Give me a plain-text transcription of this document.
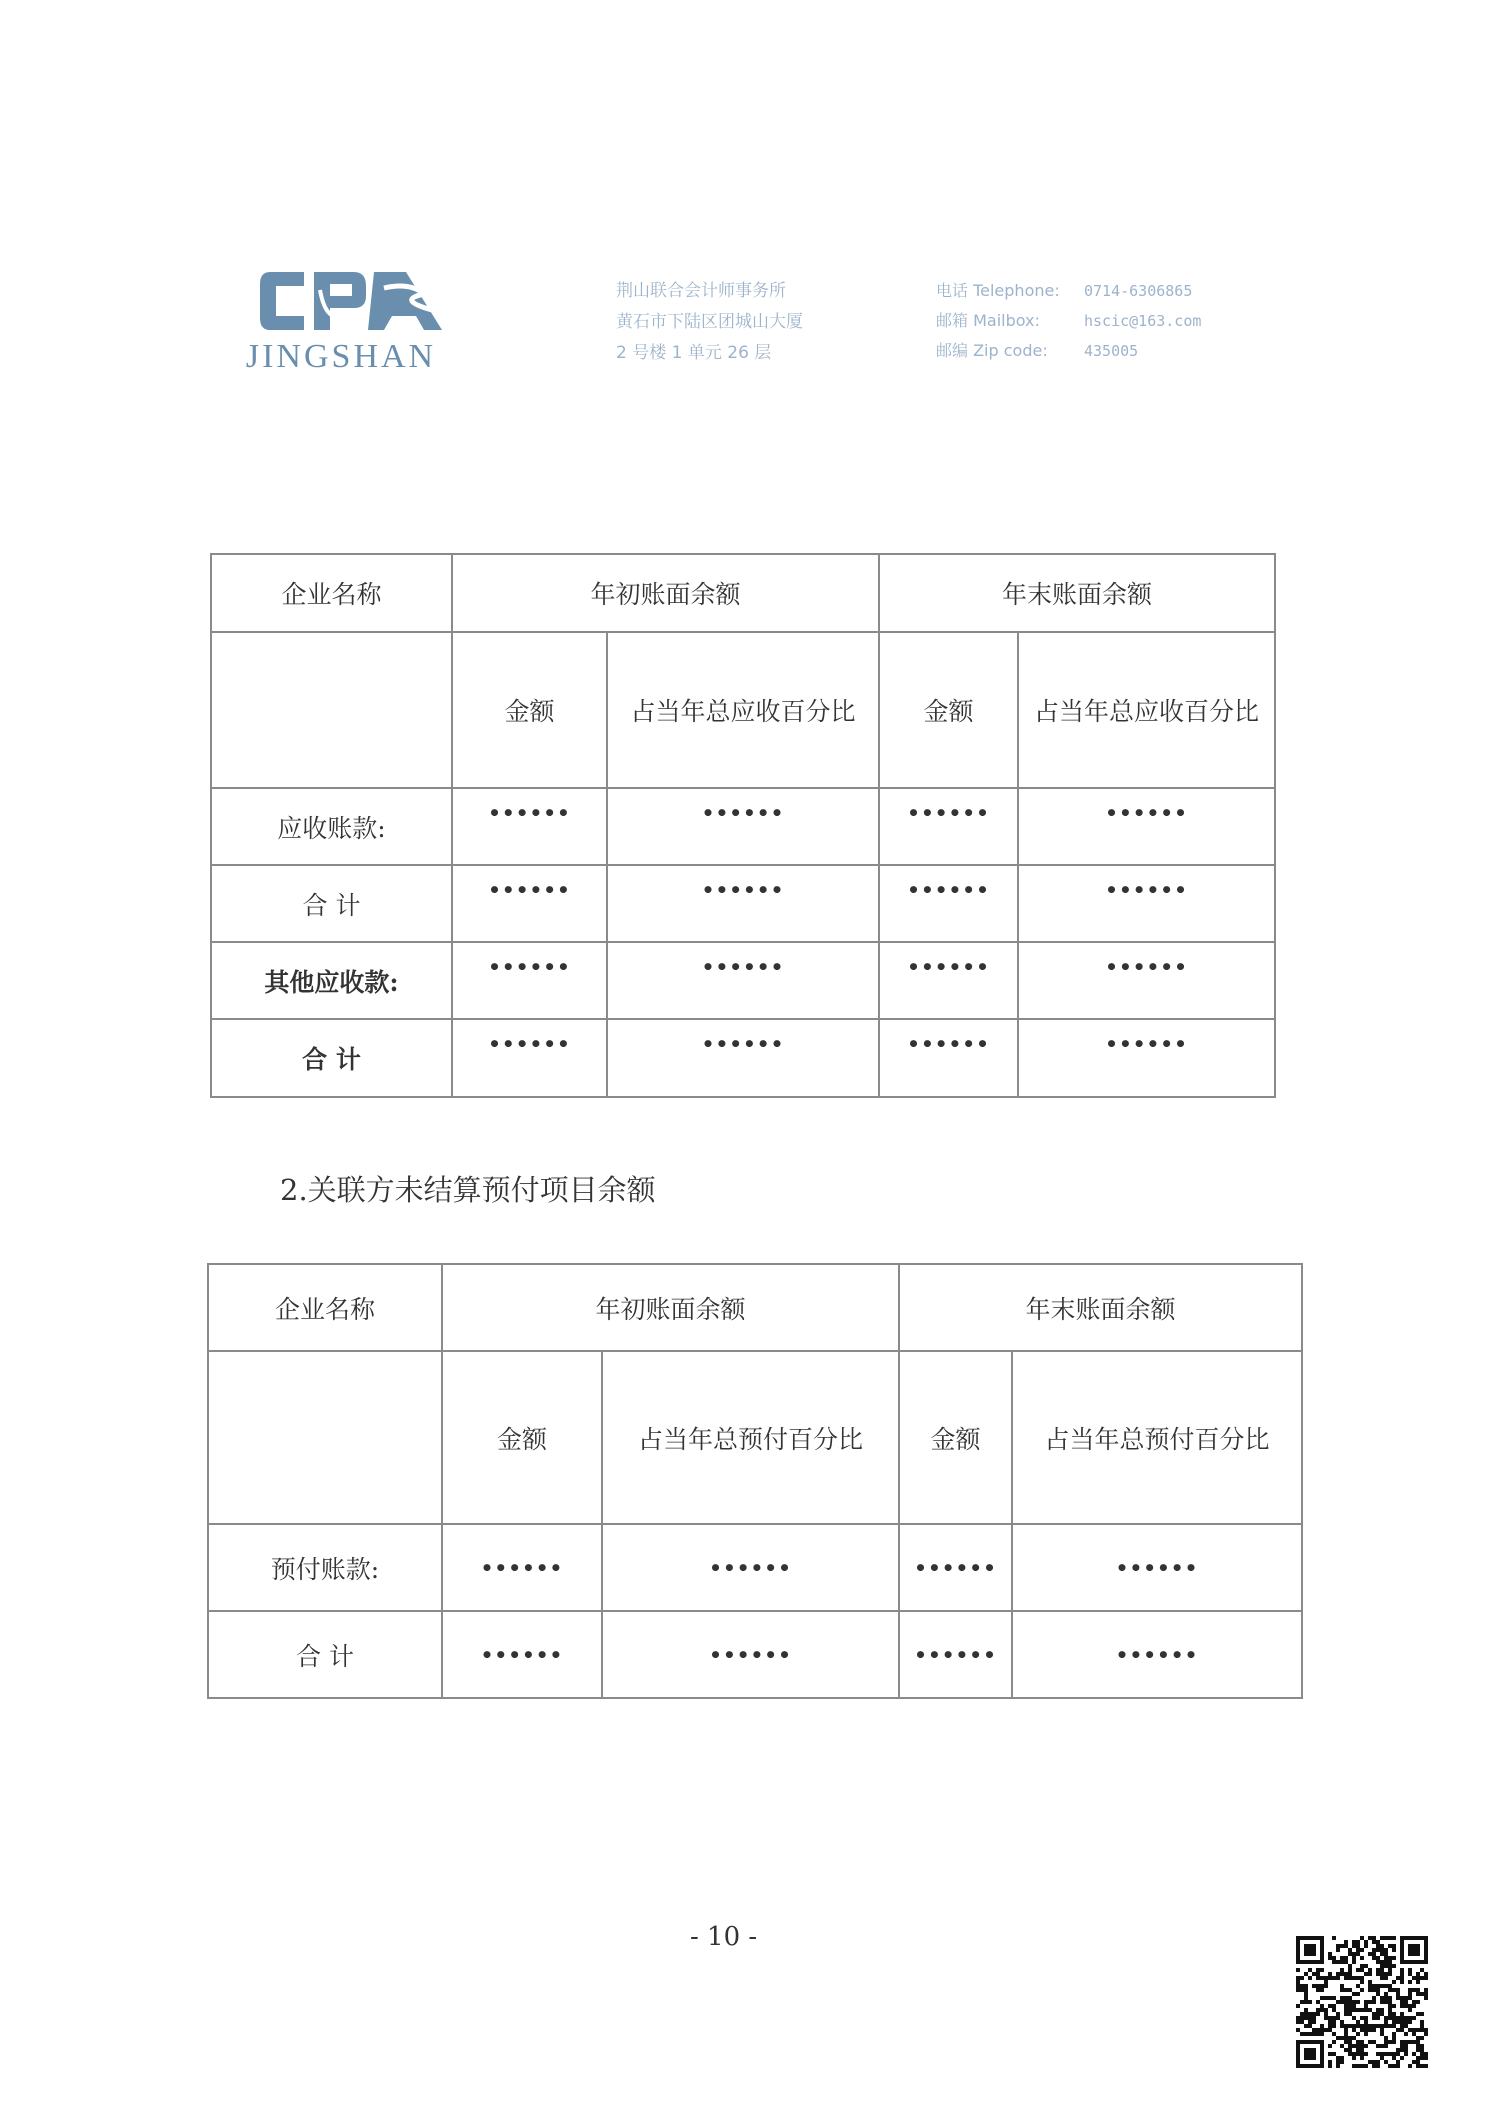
JINGSHAN
荆山联合会计师事务所
黄石市下陆区团城山大厦
2 号楼 1 单元 26 层
电话 Telephone:	0714-6306865
邮箱 Mailbox:	hscic@163.com
邮编 Zip code:	435005
企业名称	年初账面余额		年末账面余额	
	金额	占当年总应收百分比	金额	占当年总应收百分比
应收账款:	••••••	••••••	••••••	••••••
合 计	••••••	••••••	••••••	••••••
其他应收款:	••••••	••••••	••••••	••••••
合 计	••••••	••••••	••••••	••••••
2.关联方未结算预付项目余额
企业名称	年初账面余额		年末账面余额	
	金额	占当年总预付百分比	金额	占当年总预付百分比
预付账款:	••••••	••••••	••••••	••••••
合 计	••••••	••••••	••••••	••••••
- 10 -
